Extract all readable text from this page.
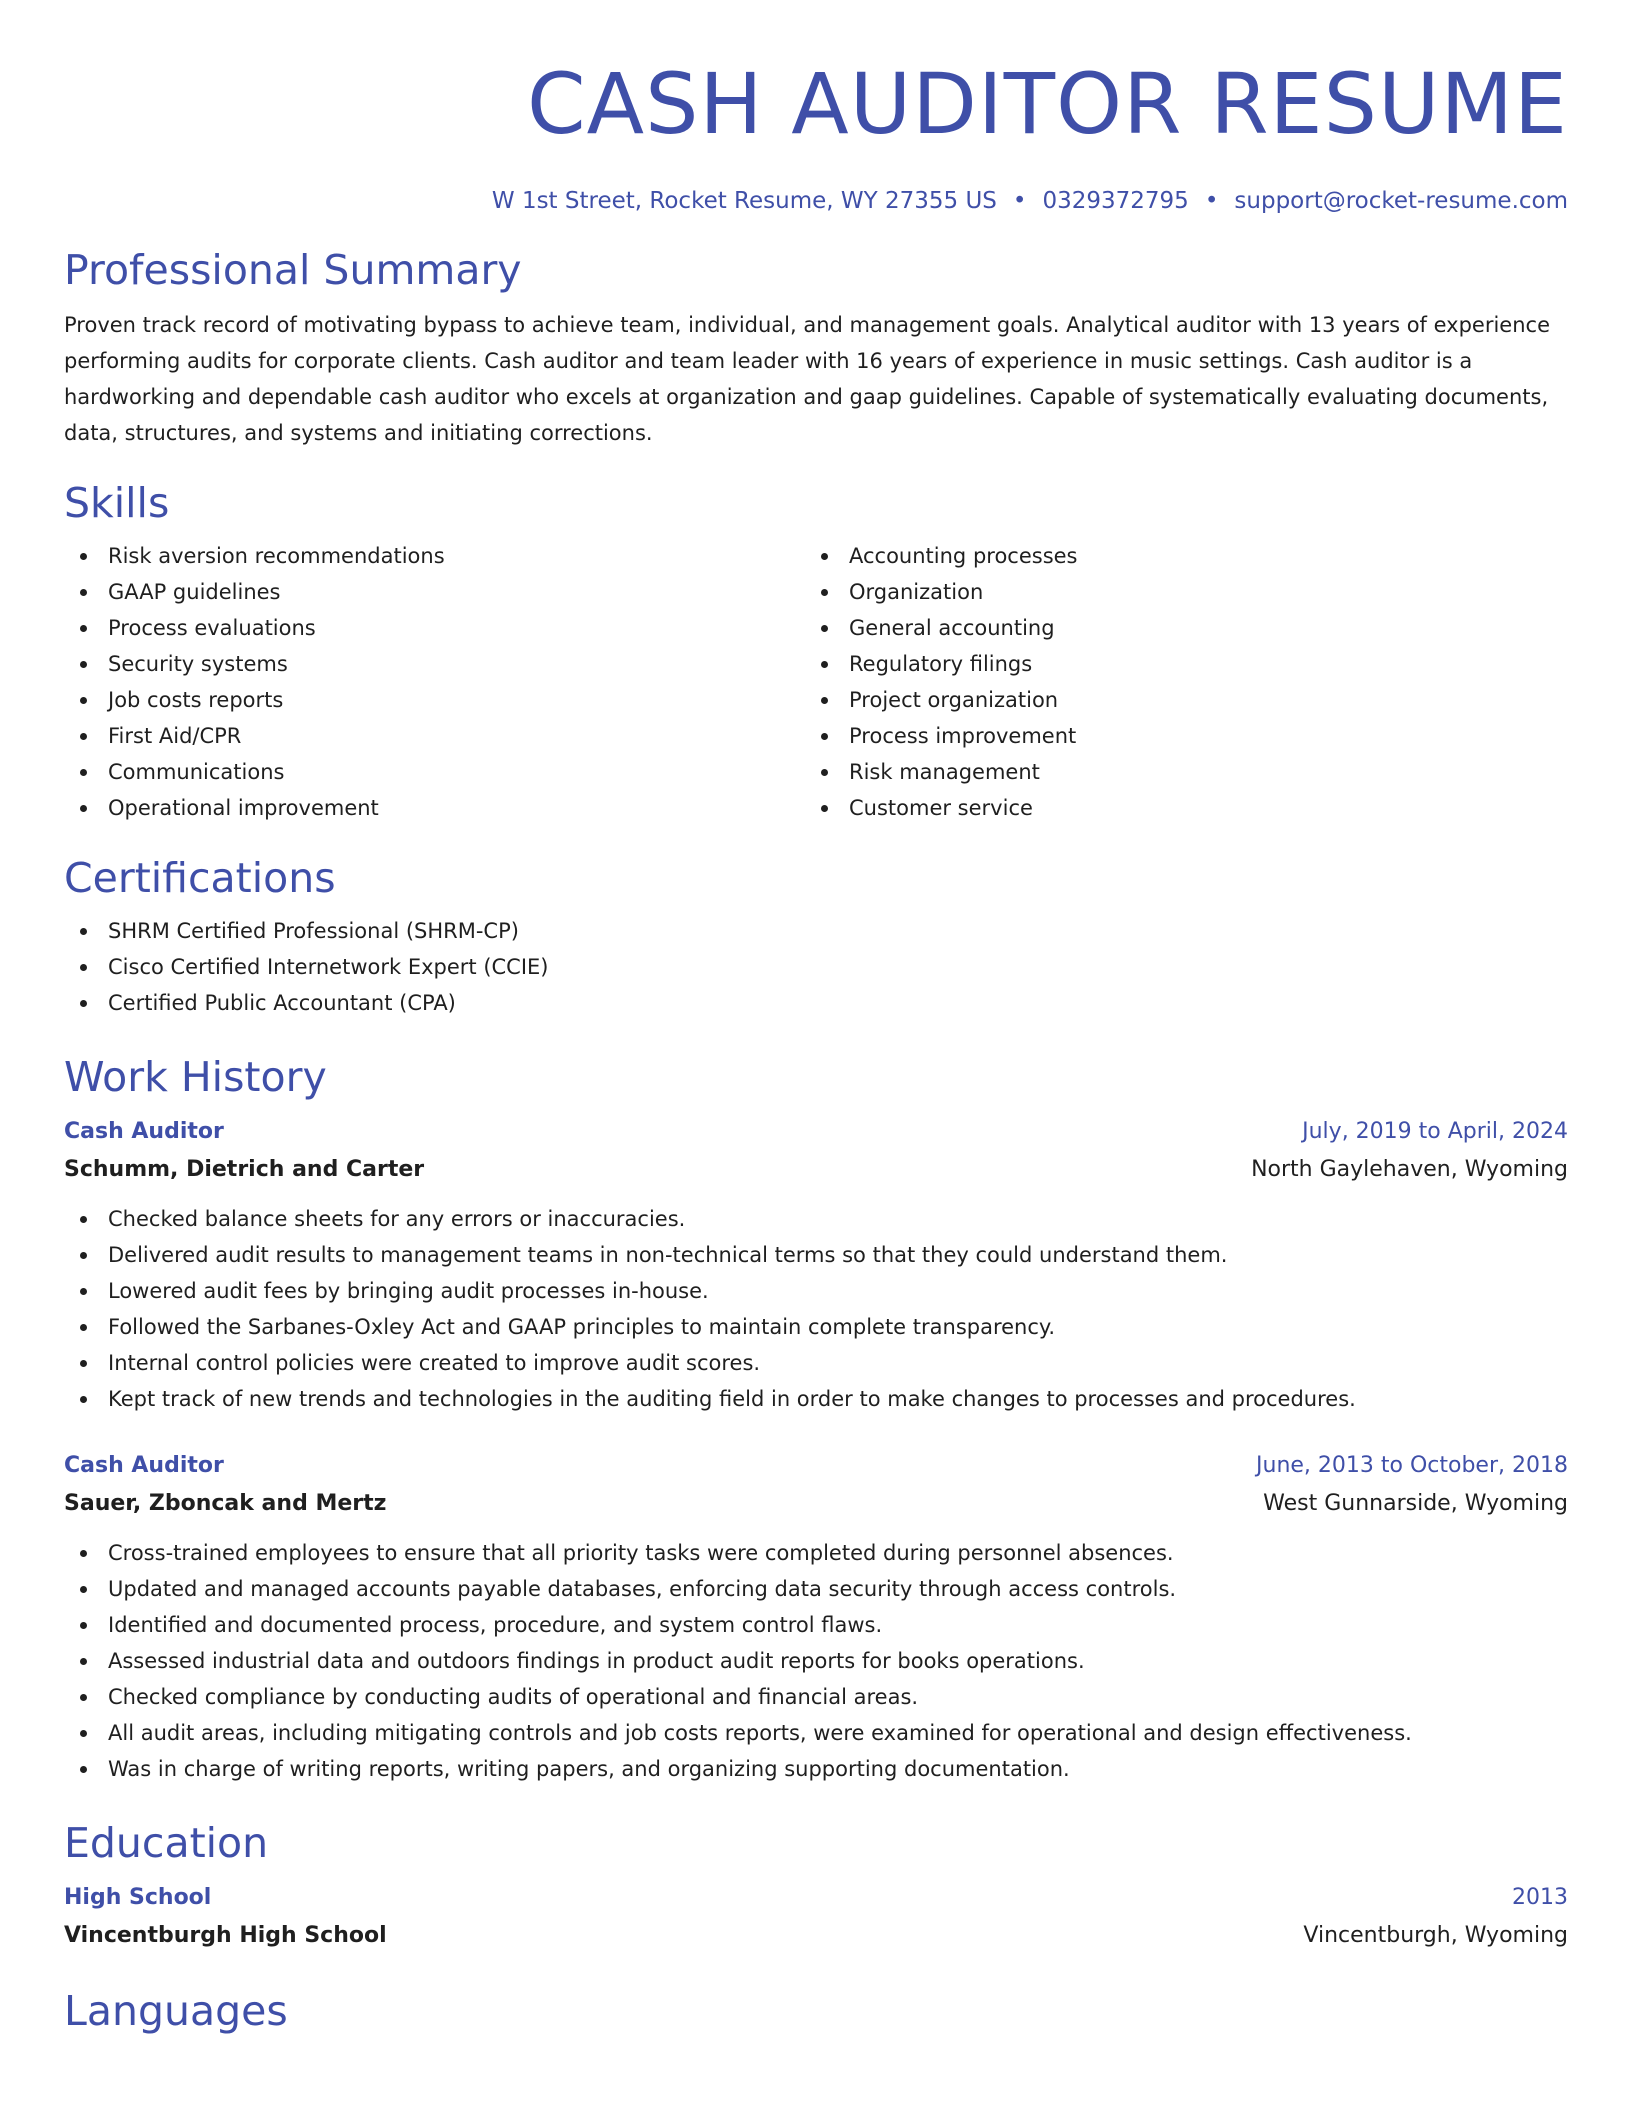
CASH AUDITOR RESUME
W 1st Street, Rocket Resume, WY 27355 US • 0329372795 • support@rocket-resume.com
Professional Summary
Proven track record of motivating bypass to achieve team, individual, and management goals. Analytical auditor with 13 years of experience performing audits for corporate clients. Cash auditor and team leader with 16 years of experience in music settings. Cash auditor is a hardworking and dependable cash auditor who excels at organization and gaap guidelines. Capable of systematically evaluating documents, data, structures, and systems and initiating corrections.
Skills
Risk aversion recommendations
GAAP guidelines
Process evaluations
Security systems
Job costs reports
First Aid/CPR
Communications
Operational improvement
Accounting processes
Organization
General accounting
Regulatory filings
Project organization
Process improvement
Risk management
Customer service
Certifications
SHRM Certified Professional (SHRM-CP)
Cisco Certified Internetwork Expert (CCIE)
Certified Public Accountant (CPA)
Work History
Cash Auditor	July, 2019 to April, 2024
Schumm, Dietrich and Carter	North Gaylehaven, Wyoming
Checked balance sheets for any errors or inaccuracies.
Delivered audit results to management teams in non-technical terms so that they could understand them.
Lowered audit fees by bringing audit processes in-house.
Followed the Sarbanes-Oxley Act and GAAP principles to maintain complete transparency.
Internal control policies were created to improve audit scores.
Kept track of new trends and technologies in the auditing field in order to make changes to processes and procedures.
Cash Auditor	June, 2013 to October, 2018
Sauer, Zboncak and Mertz	West Gunnarside, Wyoming
Cross-trained employees to ensure that all priority tasks were completed during personnel absences.
Updated and managed accounts payable databases, enforcing data security through access controls.
Identified and documented process, procedure, and system control flaws.
Assessed industrial data and outdoors findings in product audit reports for books operations.
Checked compliance by conducting audits of operational and financial areas.
All audit areas, including mitigating controls and job costs reports, were examined for operational and design effectiveness.
Was in charge of writing reports, writing papers, and organizing supporting documentation.
Education
High School	2013
Vincentburgh High School	Vincentburgh, Wyoming
Languages
